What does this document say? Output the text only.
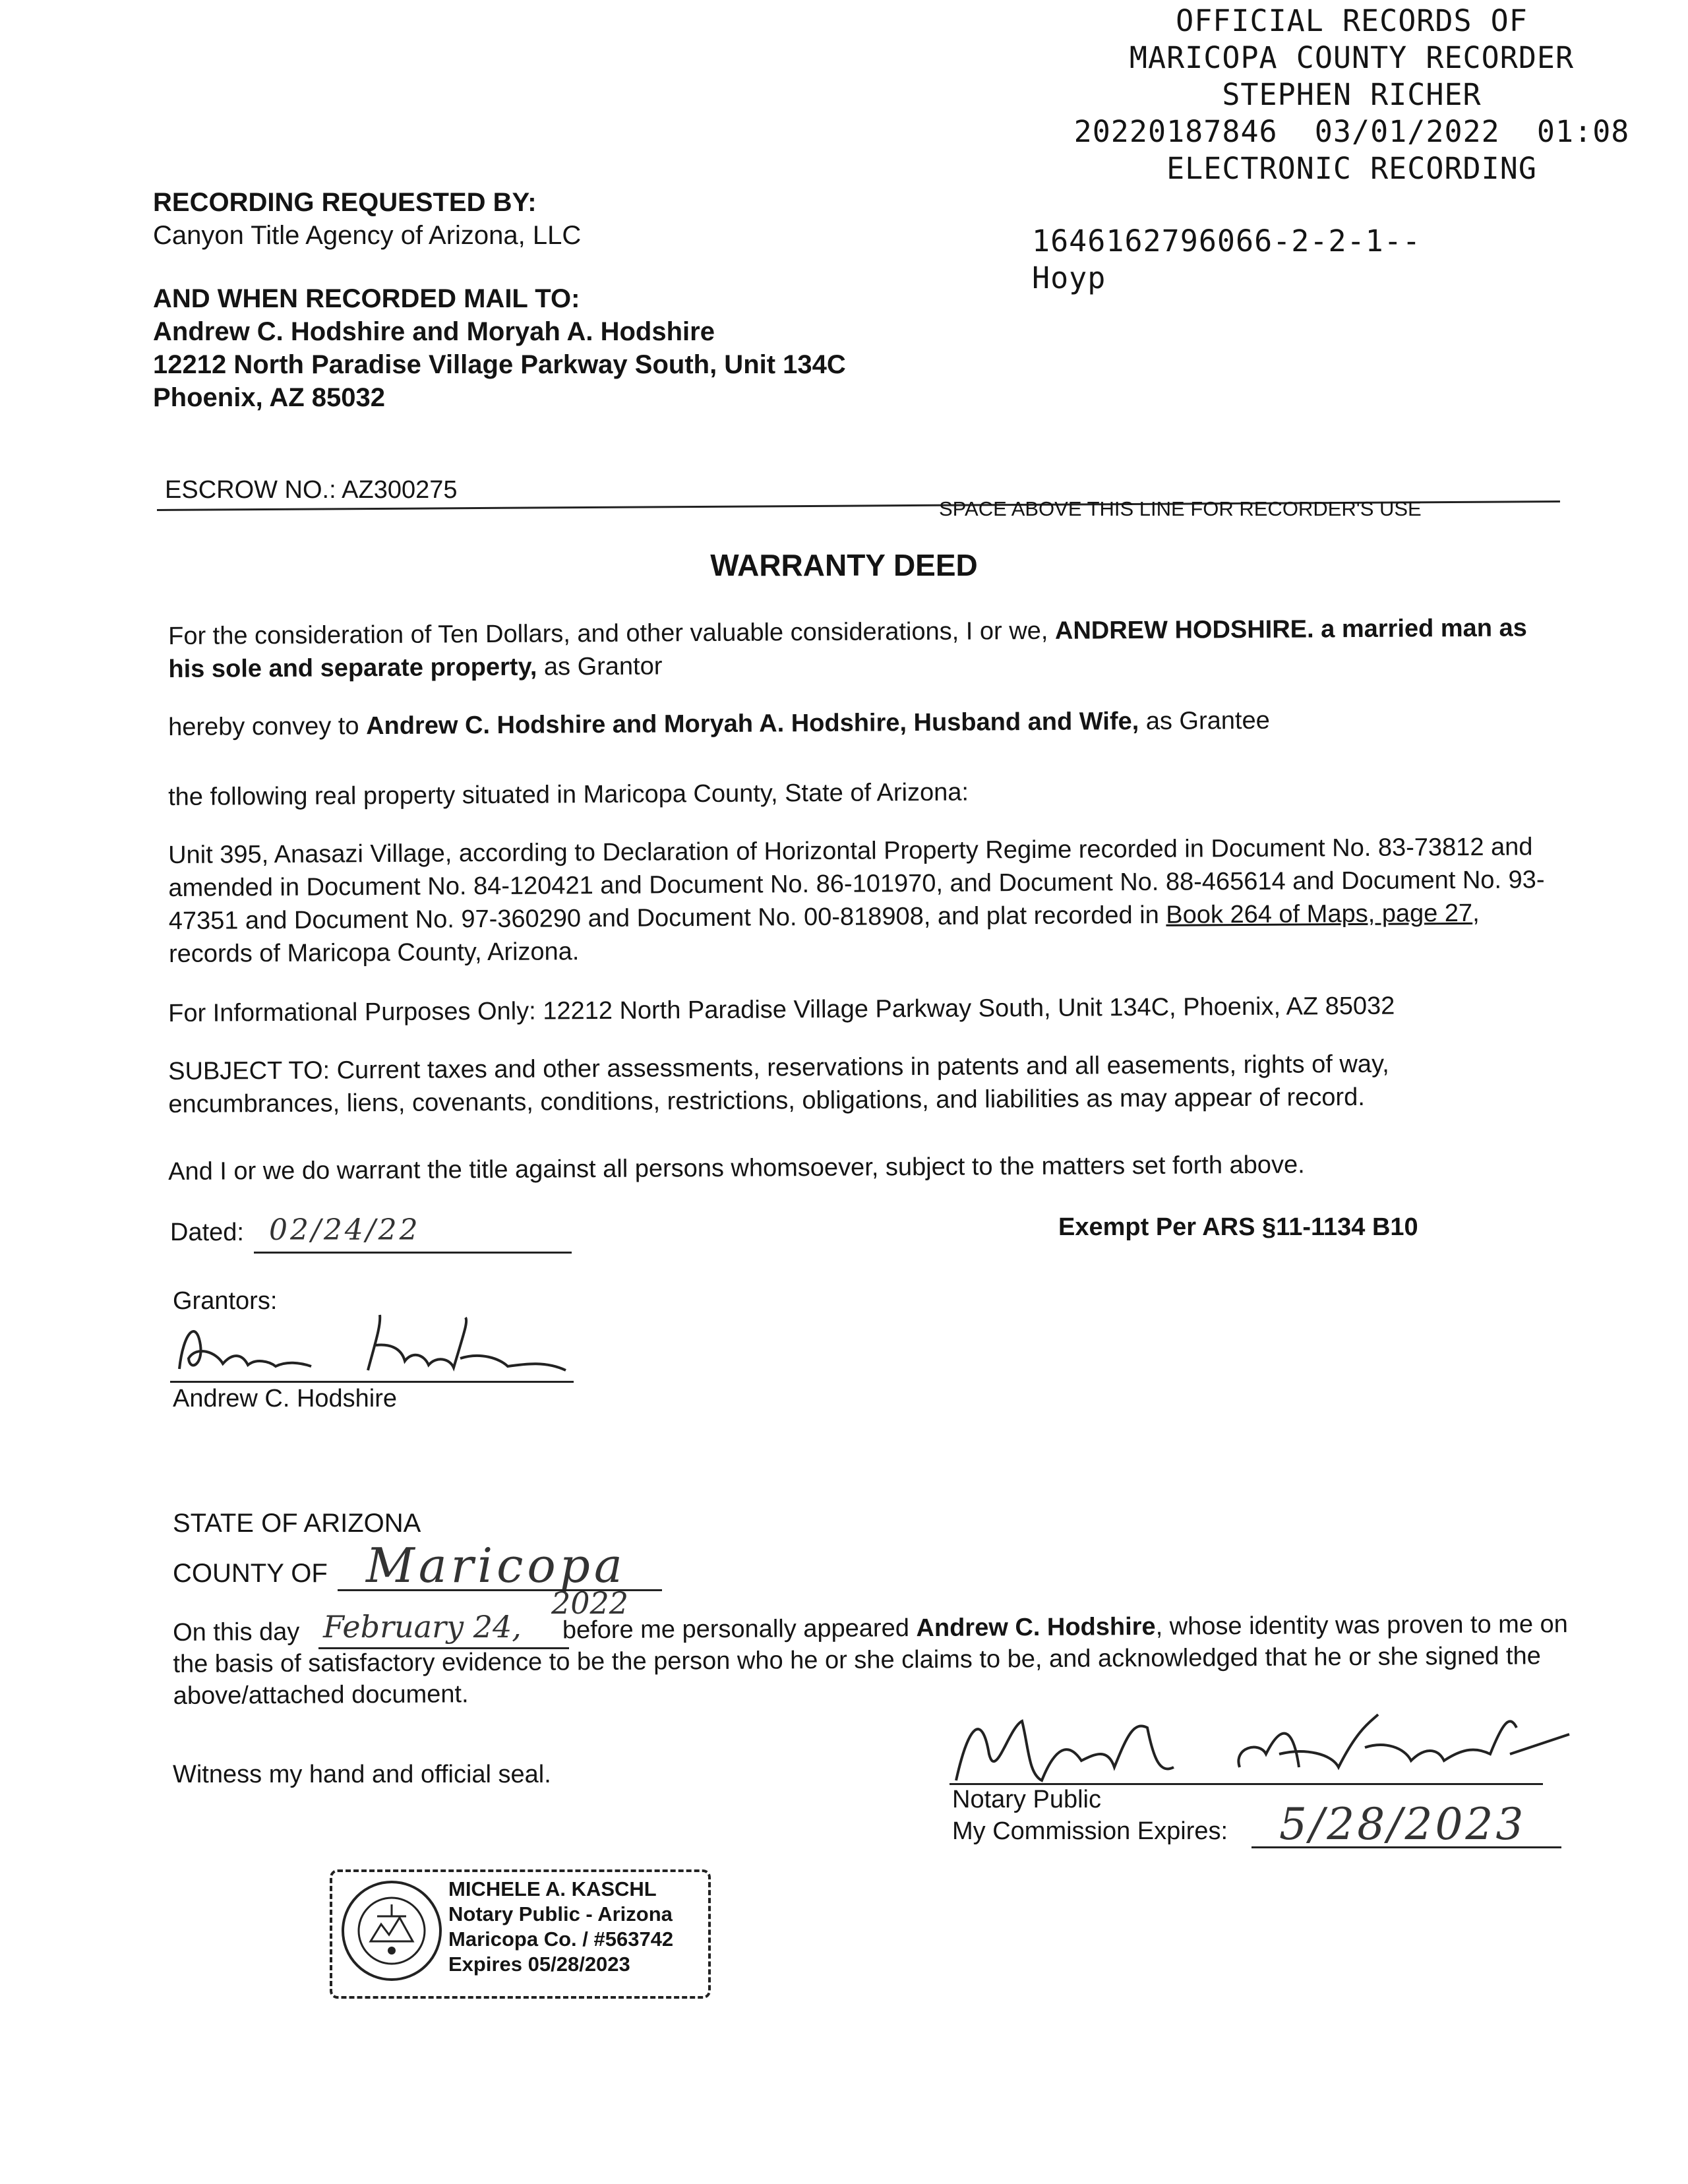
OFFICIAL RECORDS OF
MARICOPA COUNTY RECORDER
STEPHEN RICHER
20220187846  03/01/2022  01:08
ELECTRONIC RECORDING
1646162796066-2-2-1--
Hoyp
RECORDING REQUESTED BY:
Canyon Title Agency of Arizona, LLC
AND WHEN RECORDED MAIL TO:
Andrew C. Hodshire and Moryah A. Hodshire
12212 North Paradise Village Parkway South, Unit 134C
Phoenix, AZ 85032
ESCROW NO.: AZ300275
SPACE ABOVE THIS LINE FOR RECORDER'S USE
WARRANTY DEED
For the consideration of Ten Dollars, and other valuable considerations, I or we, ANDREW HODSHIRE. a married man as his sole and separate property, as Grantor
hereby convey to Andrew C. Hodshire and Moryah A. Hodshire, Husband and Wife, as Grantee
the following real property situated in Maricopa County, State of Arizona:
Unit 395, Anasazi Village, according to Declaration of Horizontal Property Regime recorded in Document No. 83-73812 and amended in Document No. 84-120421 and Document No. 86-101970, and Document No. 88-465614 and Document No. 93-47351 and Document No. 97-360290 and Document No. 00-818908, and plat recorded in Book 264 of Maps, page 27, records of Maricopa County, Arizona.
For Informational Purposes Only: 12212 North Paradise Village Parkway South, Unit 134C, Phoenix, AZ 85032
SUBJECT TO: Current taxes and other assessments, reservations in patents and all easements, rights of way, encumbrances, liens, covenants, conditions, restrictions, obligations, and liabilities as may appear of record.
And I or we do warrant the title against all persons whomsoever, subject to the matters set forth above.
Dated: 02/24/22	Exempt Per ARS §11-1134 B10
Grantors:
Andrew C. Hodshire
STATE OF ARIZONA
COUNTY OF Maricopa
February 24,
2022
On this day	before me personally appeared Andrew C. Hodshire, whose identity was proven to me on the basis of satisfactory evidence to be the person who he or she claims to be, and acknowledged that he or she signed the above/attached document.
Witness my hand and official seal.
Notary Public
My Commission Expires: 5/28/2023
MICHELE A. KASCHL
Notary Public - Arizona
Maricopa Co. / #563742
Expires 05/28/2023
